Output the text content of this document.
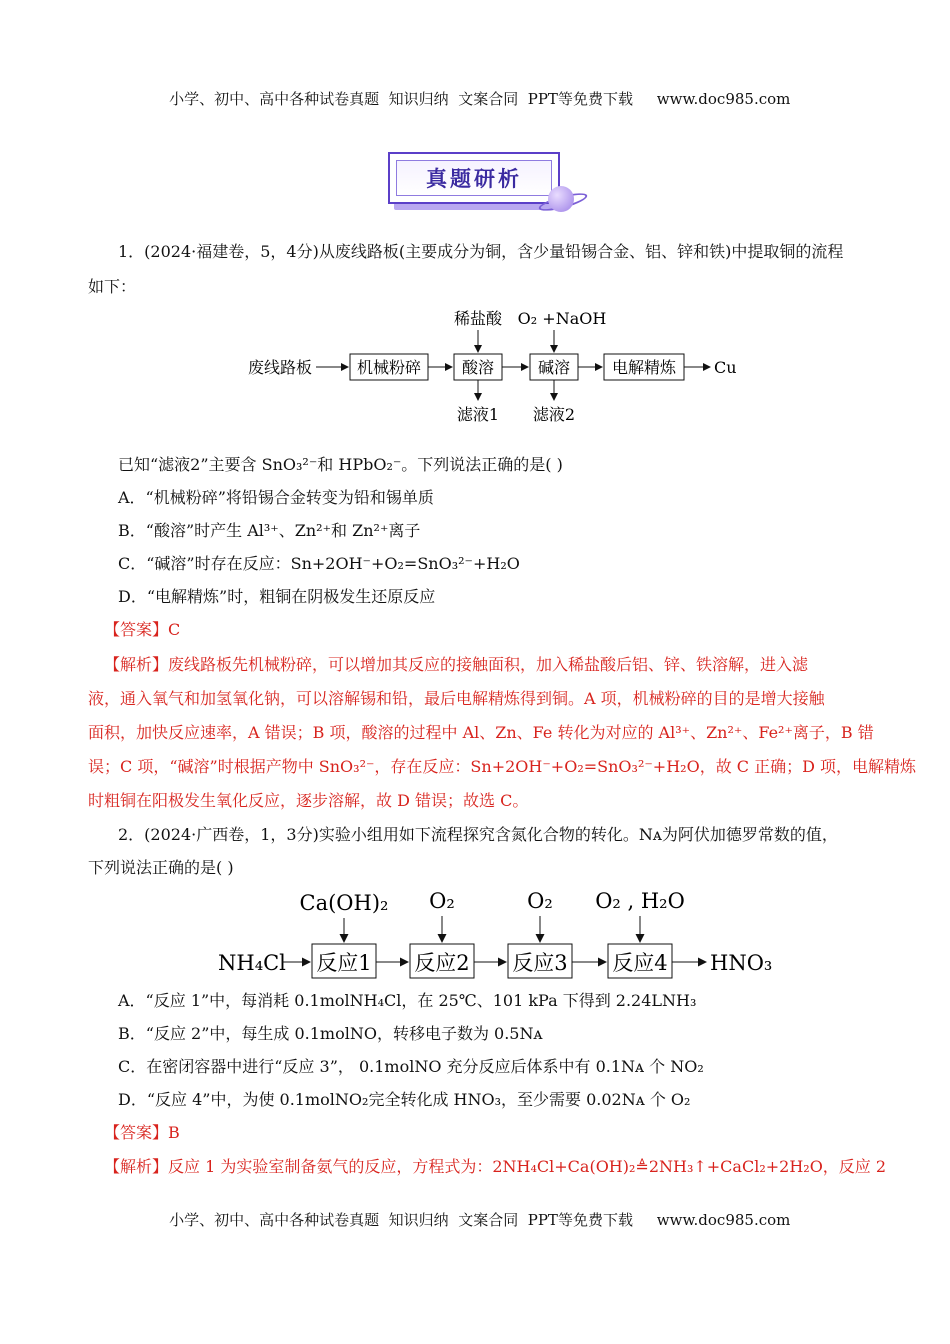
小学、初中、高中各种试卷真题  知识归纳  文案合同  PPT等免费下载 www.doc985.com

真题研析
1．(2024·福建卷，5，4分)从废线路板(主要成分为铜，含少量铅锡合金、铝、锌和铁)中提取铜的流程
如下：
废线路板	机械粉碎	酸溶	碱溶	电解精炼 Cu
稀盐酸 O₂ +NaOH
滤液1 滤液2
已知“滤液2”主要含 SnO₃²⁻和 HPbO₂⁻。下列说法正确的是( )
A．“机械粉碎”将铅锡合金转变为铅和锡单质
B．“酸溶”时产生 Al³⁺、Zn²⁺和 Zn²⁺离子
C．“碱溶”时存在反应：Sn+2OH⁻+O₂=SnO₃²⁻+H₂O
D．“电解精炼”时，粗铜在阴极发生还原反应
【答案】C
【解析】废线路板先机械粉碎，可以增加其反应的接触面积，加入稀盐酸后铝、锌、铁溶解，进入滤
液，通入氧气和加氢氧化钠，可以溶解锡和铅，最后电解精炼得到铜。A 项，机械粉碎的目的是增大接触
面积，加快反应速率，A 错误；B 项，酸溶的过程中 Al、Zn、Fe 转化为对应的 Al³⁺、Zn²⁺、Fe²⁺离子，B 错
误；C 项，“碱溶”时根据产物中 SnO₃²⁻，存在反应：Sn+2OH⁻+O₂=SnO₃²⁻+H₂O，故 C 正确；D 项，电解精炼
时粗铜在阳极发生氧化反应，逐步溶解，故 D 错误；故选 C。
2．(2024·广西卷，1，3分)实验小组用如下流程探究含氮化合物的转化。Nᴀ为阿伏加德罗常数的值，
下列说法正确的是( )
NH₄Cl 反应1 反应2 反应3 反应4 HNO₃
Ca(OH)₂ O₂	O₂ O₂ , H₂O
A．“反应 1”中，每消耗 0.1molNH₄Cl，在 25℃、101 kPa 下得到 2.24LNH₃
B．“反应 2”中，每生成 0.1molNO，转移电子数为 0.5Nᴀ
C．在密闭容器中进行“反应 3”， 0.1molNO 充分反应后体系中有 0.1Nᴀ 个 NO₂
D．“反应 4”中，为使 0.1molNO₂完全转化成 HNO₃，至少需要 0.02Nᴀ 个 O₂
【答案】B
【解析】反应 1 为实验室制备氨气的反应，方程式为：2NH₄Cl+Ca(OH)₂≜2NH₃↑+CaCl₂+2H₂O，反应 2

小学、初中、高中各种试卷真题  知识归纳  文案合同  PPT等免费下载 www.doc985.com
